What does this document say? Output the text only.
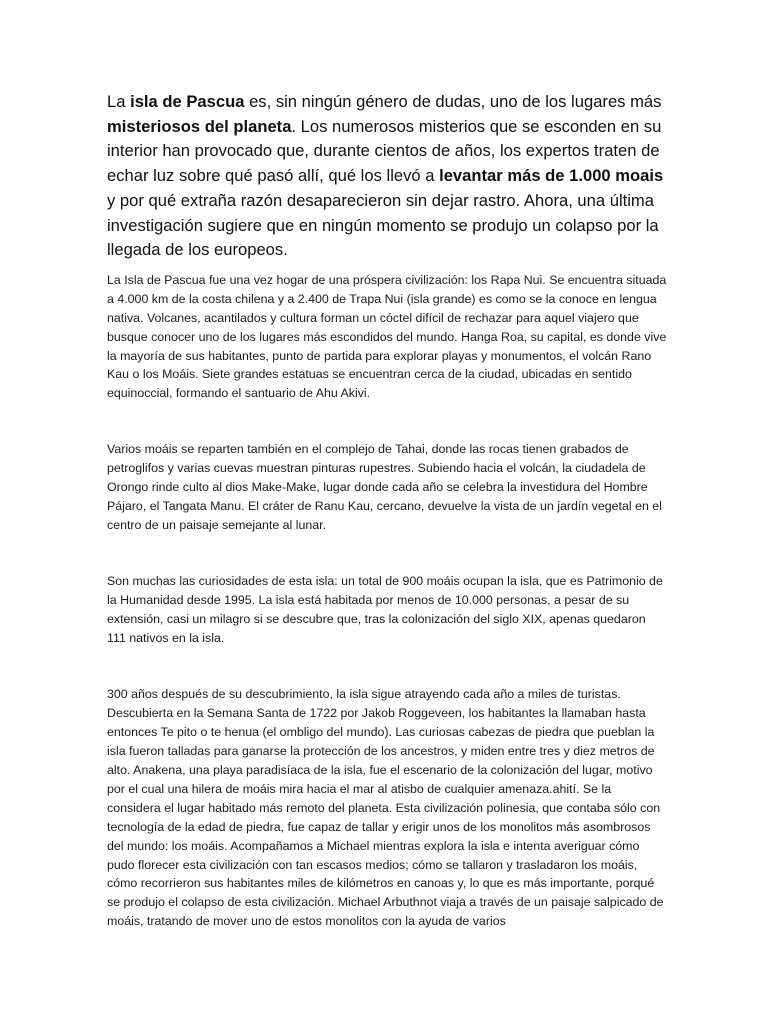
La isla de Pascua es, sin ningún género de dudas, uno de los lugares más misteriosos del planeta. Los numerosos misterios que se esconden en su interior han provocado que, durante cientos de años, los expertos traten de echar luz sobre qué pasó allí, qué los llevó a levantar más de 1.000 moais y por qué extraña razón desaparecieron sin dejar rastro. Ahora, una última investigación sugiere que en ningún momento se produjo un colapso por la llegada de los europeos.

La Isla de Pascua fue una vez hogar de una próspera civilización: los Rapa Nui. Se encuentra situada a 4.000 km de la costa chilena y a 2.400 de Trapa Nui (isla grande) es como se la conoce en lengua nativa. Volcanes, acantilados y cultura forman un cóctel difícil de rechazar para aquel viajero que busque conocer uno de los lugares más escondidos del mundo. Hanga Roa, su capital, es donde vive la mayoría de sus habitantes, punto de partida para explorar playas y monumentos, el volcán Rano Kau o los Moáis. Siete grandes estatuas se encuentran cerca de la ciudad, ubicadas en sentido equinoccial, formando el santuario de Ahu Akivi.

Varios moáis se reparten también en el complejo de Tahai, donde las rocas tienen grabados de petroglifos y varias cuevas muestran pinturas rupestres. Subiendo hacia el volcán, la ciudadela de Orongo rinde culto al dios Make-Make, lugar donde cada año se celebra la investidura del Hombre Pájaro, el Tangata Manu. El cráter de Ranu Kau, cercano, devuelve la vista de un jardín vegetal en el centro de un paisaje semejante al lunar.

Son muchas las curiosidades de esta isla: un total de 900 moáis ocupan la isla, que es Patrimonio de la Humanidad desde 1995. La isla está habitada por menos de 10.000 personas, a pesar de su extensión, casi un milagro si se descubre que, tras la colonización del siglo XIX, apenas quedaron 111 nativos en la isla.

300 años después de su descubrimiento, la isla sigue atrayendo cada año a miles de turistas. Descubierta en la Semana Santa de 1722 por Jakob Roggeveen, los habitantes la llamaban hasta entonces Te pito o te henua (el ombligo del mundo). Las curiosas cabezas de piedra que pueblan la isla fueron talladas para ganarse la protección de los ancestros, y miden entre tres y diez metros de alto. Anakena, una playa paradisíaca de la isla, fue el escenario de la colonización del lugar, motivo por el cual una hilera de moáis mira hacia el mar al atisbo de cualquier amenaza.ahití. Se la considera el lugar habitado más remoto del planeta. Esta civilización polinesia, que contaba sólo con tecnología de la edad de piedra, fue capaz de tallar y erigir unos de los monolitos más asombrosos del mundo: los moáis. Acompañamos a Michael mientras explora la isla e intenta averiguar cómo pudo florecer esta civilización con tan escasos medios; cómo se tallaron y trasladaron los moáis, cómo recorrieron sus habitantes miles de kilómetros en canoas y, lo que es más importante, porqué se produjo el colapso de esta civilización. Michael Arbuthnot viaja a través de un paisaje salpicado de moáis, tratando de mover uno de estos monolitos con la ayuda de varios
